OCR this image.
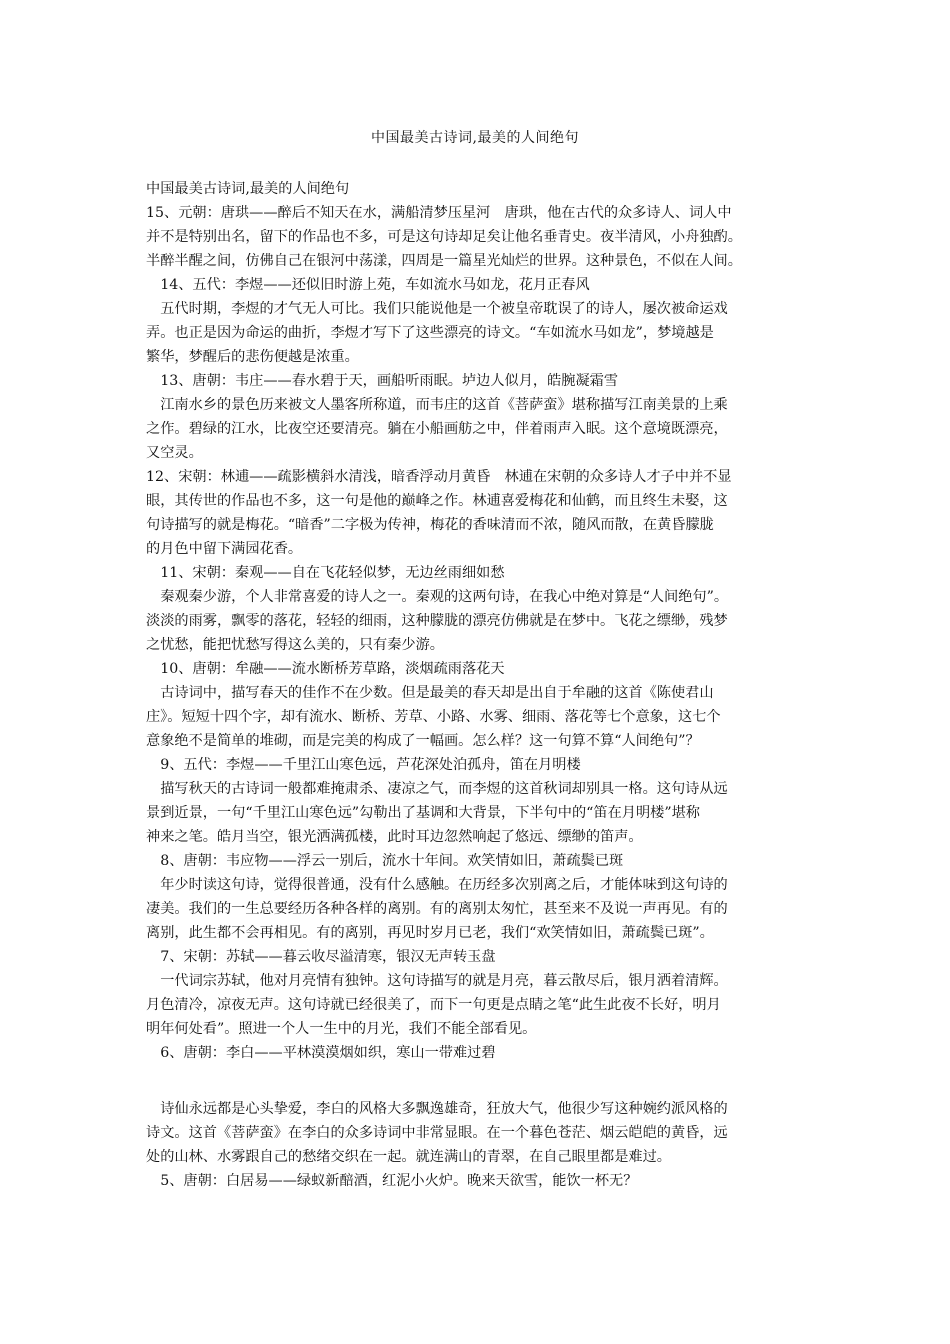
中国最美古诗词,最美的人间绝句
中国最美古诗词,最美的人间绝句
15、元朝：唐珙——醉后不知天在水，满船清梦压星河　唐珙，他在古代的众多诗人、词人中
并不是特别出名，留下的作品也不多，可是这句诗却足矣让他名垂青史。夜半清风，小舟独酌。
半醉半醒之间，仿佛自己在银河中荡漾，四周是一篇星光灿烂的世界。这种景色，不似在人间。
　14、五代：李煜——还似旧时游上苑，车如流水马如龙，花月正春风
　五代时期，李煜的才气无人可比。我们只能说他是一个被皇帝耽误了的诗人，屡次被命运戏
弄。也正是因为命运的曲折，李煜才写下了这些漂亮的诗文。“车如流水马如龙”，梦境越是
繁华，梦醒后的悲伤便越是浓重。
　13、唐朝：韦庄——春水碧于天，画船听雨眠。垆边人似月，皓腕凝霜雪
　江南水乡的景色历来被文人墨客所称道，而韦庄的这首《菩萨蛮》堪称描写江南美景的上乘
之作。碧绿的江水，比夜空还要清亮。躺在小船画舫之中，伴着雨声入眠。这个意境既漂亮，
又空灵。
12、宋朝：林逋——疏影横斜水清浅，暗香浮动月黄昏　林逋在宋朝的众多诗人才子中并不显
眼，其传世的作品也不多，这一句是他的巅峰之作。林逋喜爱梅花和仙鹤，而且终生未娶，这
句诗描写的就是梅花。“暗香”二字极为传神，梅花的香味清而不浓，随风而散，在黄昏朦胧
的月色中留下满园花香。
　11、宋朝：秦观——自在飞花轻似梦，无边丝雨细如愁
　秦观秦少游，个人非常喜爱的诗人之一。秦观的这两句诗，在我心中绝对算是“人间绝句”。
淡淡的雨雾，飘零的落花，轻轻的细雨，这种朦胧的漂亮仿佛就是在梦中。飞花之缥缈，残梦
之忧愁，能把忧愁写得这么美的，只有秦少游。
　10、唐朝：牟融——流水断桥芳草路，淡烟疏雨落花天
　古诗词中，描写春天的佳作不在少数。但是最美的春天却是出自于牟融的这首《陈使君山
庄》。短短十四个字，却有流水、断桥、芳草、小路、水雾、细雨、落花等七个意象，这七个
意象绝不是简单的堆砌，而是完美的构成了一幅画。怎么样？这一句算不算“人间绝句”？
　9、五代：李煜——千里江山寒色远，芦花深处泊孤舟，笛在月明楼
　描写秋天的古诗词一般都难掩肃杀、凄凉之气，而李煜的这首秋词却别具一格。这句诗从远
景到近景，一句“千里江山寒色远”勾勒出了基调和大背景，下半句中的“笛在月明楼”堪称
神来之笔。皓月当空，银光洒满孤楼，此时耳边忽然响起了悠远、缥缈的笛声。
　8、唐朝：韦应物——浮云一别后，流水十年间。欢笑情如旧，萧疏鬓已斑
　年少时读这句诗，觉得很普通，没有什么感触。在历经多次别离之后，才能体味到这句诗的
凄美。我们的一生总要经历各种各样的离别。有的离别太匆忙，甚至来不及说一声再见。有的
离别，此生都不会再相见。有的离别，再见时岁月已老，我们“欢笑情如旧，萧疏鬓已斑”。
　7、宋朝：苏轼——暮云收尽溢清寒，银汉无声转玉盘
　一代词宗苏轼，他对月亮情有独钟。这句诗描写的就是月亮，暮云散尽后，银月洒着清辉。
月色清冷，凉夜无声。这句诗就已经很美了，而下一句更是点睛之笔“此生此夜不长好，明月
明年何处看”。照进一个人一生中的月光，我们不能全部看见。
　6、唐朝：李白——平林漠漠烟如织，寒山一带难过碧
　诗仙永远都是心头挚爱，李白的风格大多飘逸雄奇，狂放大气，他很少写这种婉约派风格的
诗文。这首《菩萨蛮》在李白的众多诗词中非常显眼。在一个暮色苍茫、烟云皑皑的黄昏，远
处的山林、水雾跟自己的愁绪交织在一起。就连满山的青翠，在自己眼里都是难过。
　5、唐朝：白居易——绿蚁新醅酒，红泥小火炉。晚来天欲雪，能饮一杯无？
